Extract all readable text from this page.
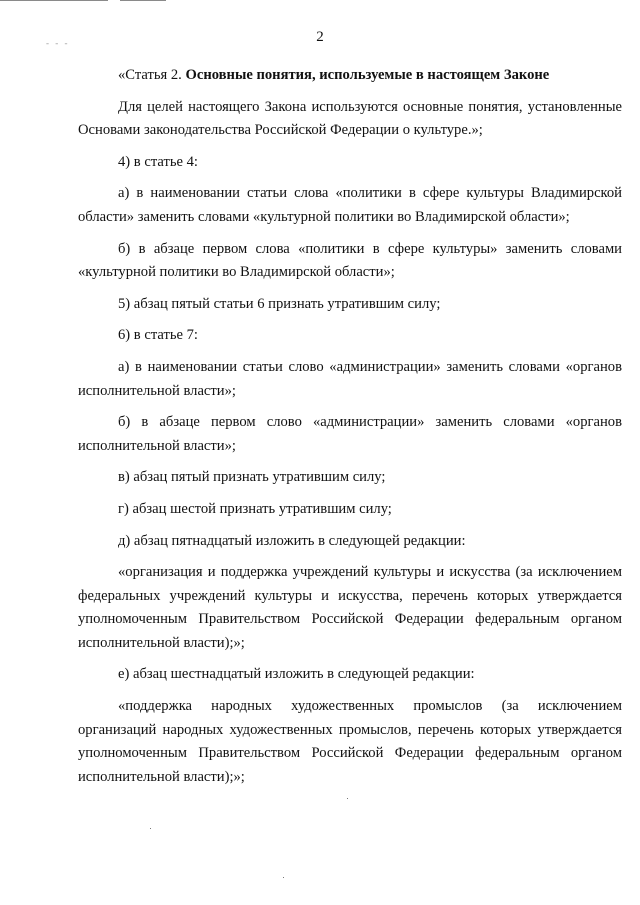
‑ ‑ ‑	2

«Статья 2. Основные понятия, используемые в настоящем Законе

Для целей настоящего Закона используются основные понятия, установленные Основами законодательства Российской Федерации о культуре.»;

4) в статье 4:

а) в наименовании статьи слова «политики в сфере культуры Владимирской области» заменить словами «культурной политики во Владимирской области»;

б) в абзаце первом слова «политики в сфере культуры» заменить словами «культурной политики во Владимирской области»;

5) абзац пятый статьи 6 признать утратившим силу;

6) в статье 7:

а) в наименовании статьи слово «администрации» заменить словами «органов исполнительной власти»;

б) в абзаце первом слово «администрации» заменить словами «органов исполнительной власти»;

в) абзац пятый признать утратившим силу;

г) абзац шестой признать утратившим силу;

д) абзац пятнадцатый изложить в следующей редакции:

«организация и поддержка учреждений культуры и искусства (за исключением федеральных учреждений культуры и искусства, перечень которых утверждается уполномоченным Правительством Российской Федерации федеральным органом исполнительной власти);»;

е) абзац шестнадцатый изложить в следующей редакции:

«поддержка народных художественных промыслов (за исключением организаций народных художественных промыслов, перечень которых утверждается уполномоченным Правительством Российской Федерации федеральным органом исполнительной власти);»;
